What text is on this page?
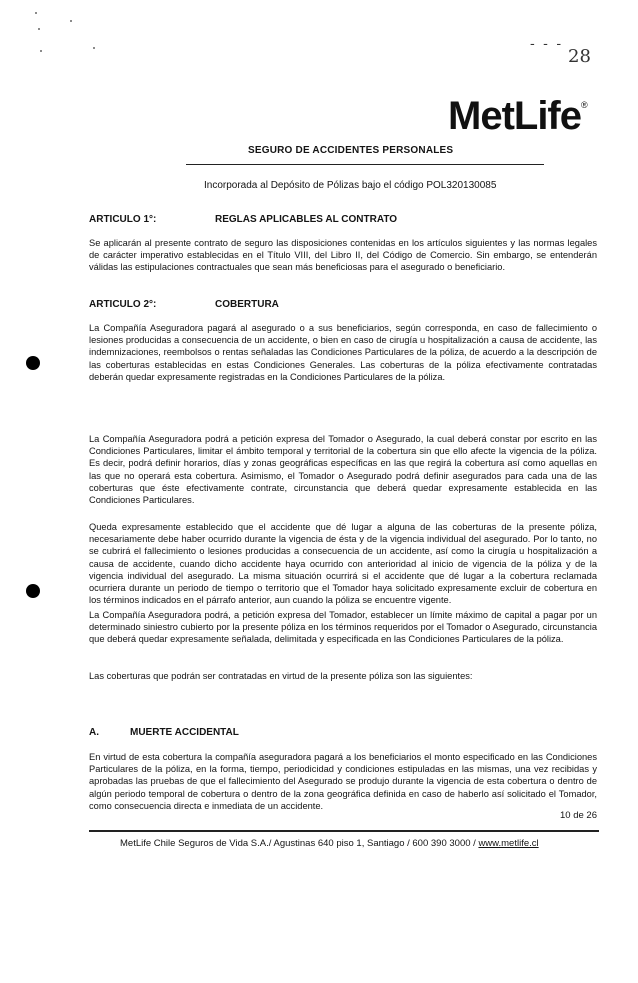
- - -
28
MetLife®
SEGURO DE ACCIDENTES PERSONALES
Incorporada al Depósito de Pólizas bajo el código POL320130085
ARTICULO 1°:	REGLAS APLICABLES AL CONTRATO

Se aplicarán al presente contrato de seguro las disposiciones contenidas en los artículos siguientes y las normas legales de carácter imperativo establecidas en el Título VIII, del Libro II, del Código de Comercio. Sin embargo, se entenderán válidas las estipulaciones contractuales que sean más beneficiosas para el asegurado o beneficiario.

ARTICULO 2°:	COBERTURA

La Compañía Aseguradora pagará al asegurado o a sus beneficiarios, según corresponda, en caso de fallecimiento o lesiones producidas a consecuencia de un accidente, o bien en caso de cirugía u hospitalización a causa de accidente, las indemnizaciones, reembolsos o rentas señaladas las Condiciones Particulares de la póliza, de acuerdo a la descripción de las coberturas establecidas en estas Condiciones Generales. Las coberturas de la póliza efectivamente contratadas deberán quedar expresamente registradas en la Condiciones Particulares de la póliza.

La Compañía Aseguradora podrá a petición expresa del Tomador o Asegurado, la cual deberá constar por escrito en las Condiciones Particulares, limitar el ámbito temporal y territorial de la cobertura sin que ello afecte la vigencia de la póliza. Es decir, podrá definir horarios, días y zonas geográficas específicas en las que regirá la cobertura así como aquellas en las que no operará esta cobertura. Asimismo, el Tomador o Asegurado podrá definir asegurados para cada una de las coberturas que éste efectivamente contrate, circunstancia que deberá quedar expresamente establecida en las Condiciones Particulares.

Queda expresamente establecido que el accidente que dé lugar a alguna de las coberturas de la presente póliza, necesariamente debe haber ocurrido durante la vigencia de ésta y de la vigencia individual del asegurado. Por lo tanto, no se cubrirá el fallecimiento o lesiones producidas a consecuencia de un accidente, así como la cirugía u hospitalización a causa de accidente, cuando dicho accidente haya ocurrido con anterioridad al inicio de vigencia de la póliza y de la vigencia individual del asegurado. La misma situación ocurrirá si el accidente que dé lugar a la cobertura reclamada ocurriera durante un periodo de tiempo o territorio que el Tomador haya solicitado expresamente excluir de cobertura en los términos indicados en el párrafo anterior, aun cuando la póliza se encuentre vigente.

La Compañía Aseguradora podrá, a petición expresa del Tomador, establecer un límite máximo de capital a pagar por un determinado siniestro cubierto por la presente póliza en los términos requeridos por el Tomador o Asegurado, circunstancia que deberá quedar expresamente señalada, delimitada y especificada en las Condiciones Particulares de la póliza.

Las coberturas que podrán ser contratadas en virtud de la presente póliza son las siguientes:

A.	MUERTE ACCIDENTAL

En virtud de esta cobertura la compañía aseguradora pagará a los beneficiarios el monto especificado en las Condiciones Particulares de la póliza, en la forma, tiempo, periodicidad y condiciones estipuladas en las mismas, una vez recibidas y aprobadas las pruebas de que el fallecimiento del Asegurado se produjo durante la vigencia de esta cobertura o dentro de algún periodo temporal de cobertura o dentro de la zona geográfica definida en caso de haberlo así solicitado el Tomador, como consecuencia directa e inmediata de un accidente.

10 de 26
MetLife Chile Seguros de Vida S.A./ Agustinas 640 piso 1, Santiago / 600 390 3000 / www.metlife.cl
